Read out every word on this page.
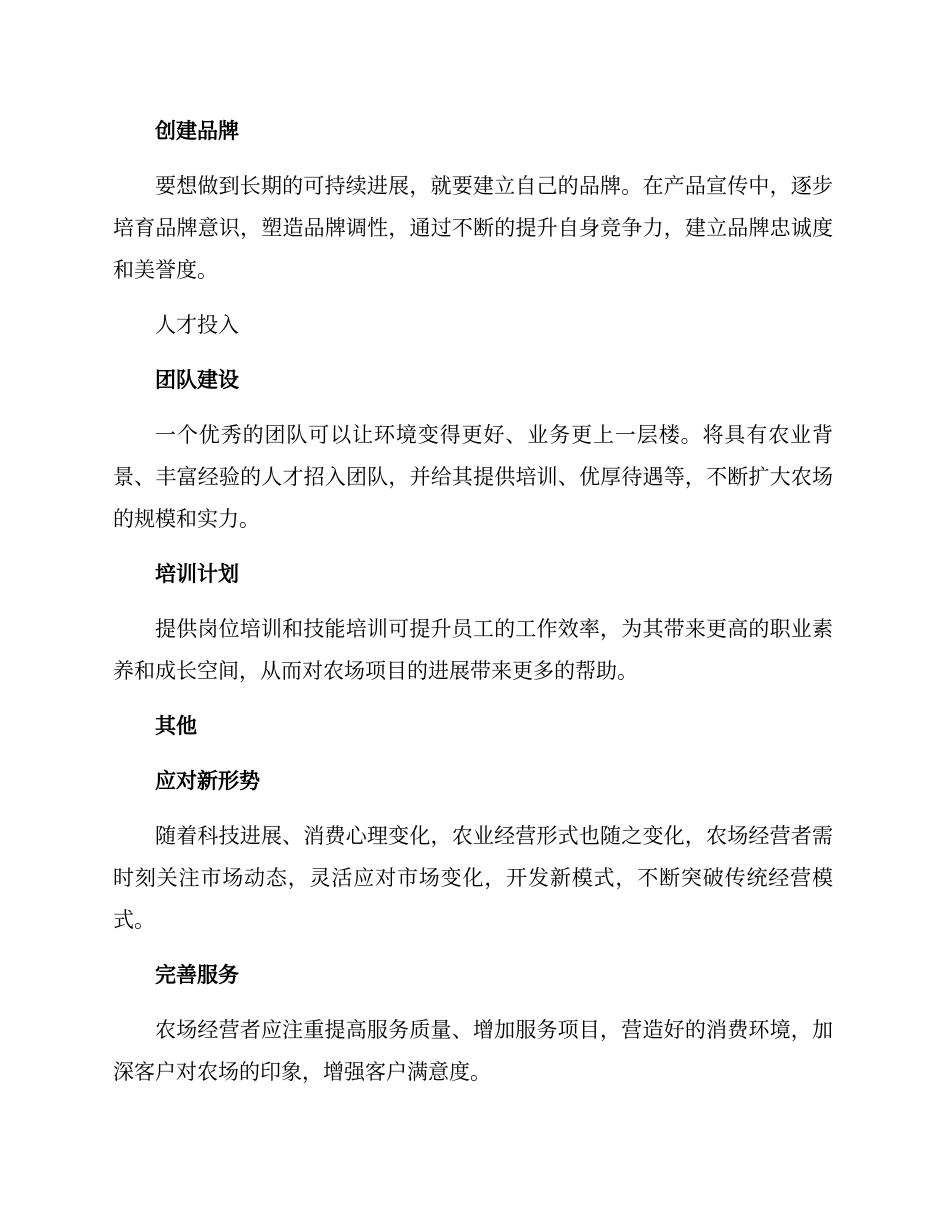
创建品牌
要想做到长期的可持续进展，就要建立自己的品牌。在产品宣传中，逐步培育品牌意识，塑造品牌调性，通过不断的提升自身竞争力，建立品牌忠诚度和美誉度。
人才投入
团队建设
一个优秀的团队可以让环境变得更好、业务更上一层楼。将具有农业背景、丰富经验的人才招入团队，并给其提供培训、优厚待遇等，不断扩大农场的规模和实力。
培训计划
提供岗位培训和技能培训可提升员工的工作效率，为其带来更高的职业素养和成长空间，从而对农场项目的进展带来更多的帮助。
其他
应对新形势
随着科技进展、消费心理变化，农业经营形式也随之变化，农场经营者需时刻关注市场动态，灵活应对市场变化，开发新模式，不断突破传统经营模式。
完善服务
农场经营者应注重提高服务质量、增加服务项目，营造好的消费环境，加深客户对农场的印象，增强客户满意度。
